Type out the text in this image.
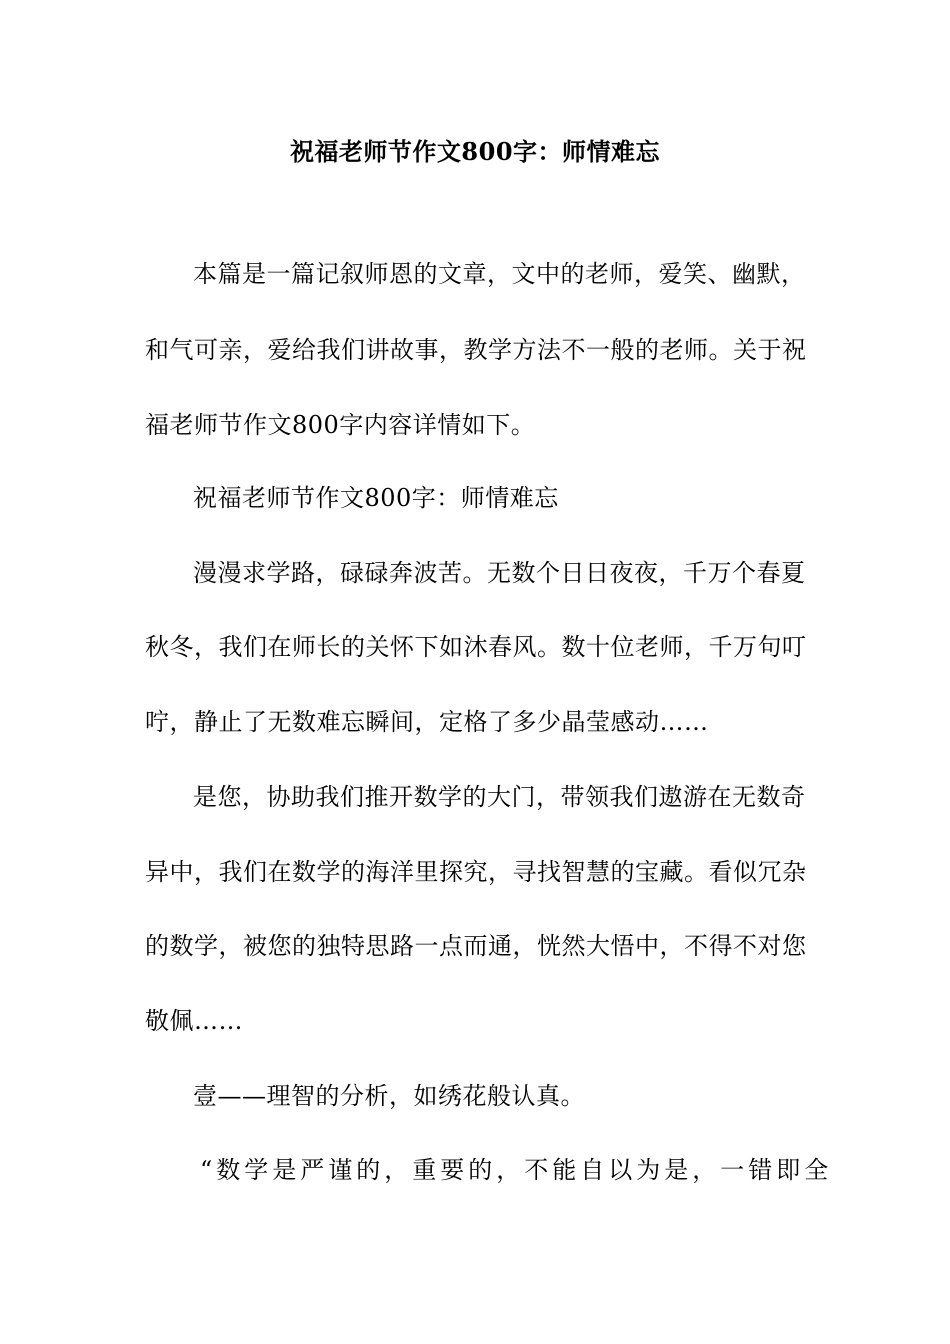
祝福老师节作文800字：师情难忘
本篇是一篇记叙师恩的文章，文中的老师，爱笑、幽默，
和气可亲，爱给我们讲故事，教学方法不一般的老师。关于祝
福老师节作文800字内容详情如下。
祝福老师节作文800字：师情难忘
漫漫求学路，碌碌奔波苦。无数个日日夜夜，千万个春夏
秋冬，我们在师长的关怀下如沐春风。数十位老师，千万句叮
咛，静止了无数难忘瞬间，定格了多少晶莹感动……
是您，协助我们推开数学的大门，带领我们遨游在无数奇
异中，我们在数学的海洋里探究，寻找智慧的宝藏。看似冗杂
的数学，被您的独特思路一点而通，恍然大悟中，不得不对您
敬佩……
壹——理智的分析，如绣花般认真。
“数学是严谨的，重要的，不能自以为是，一错即全
